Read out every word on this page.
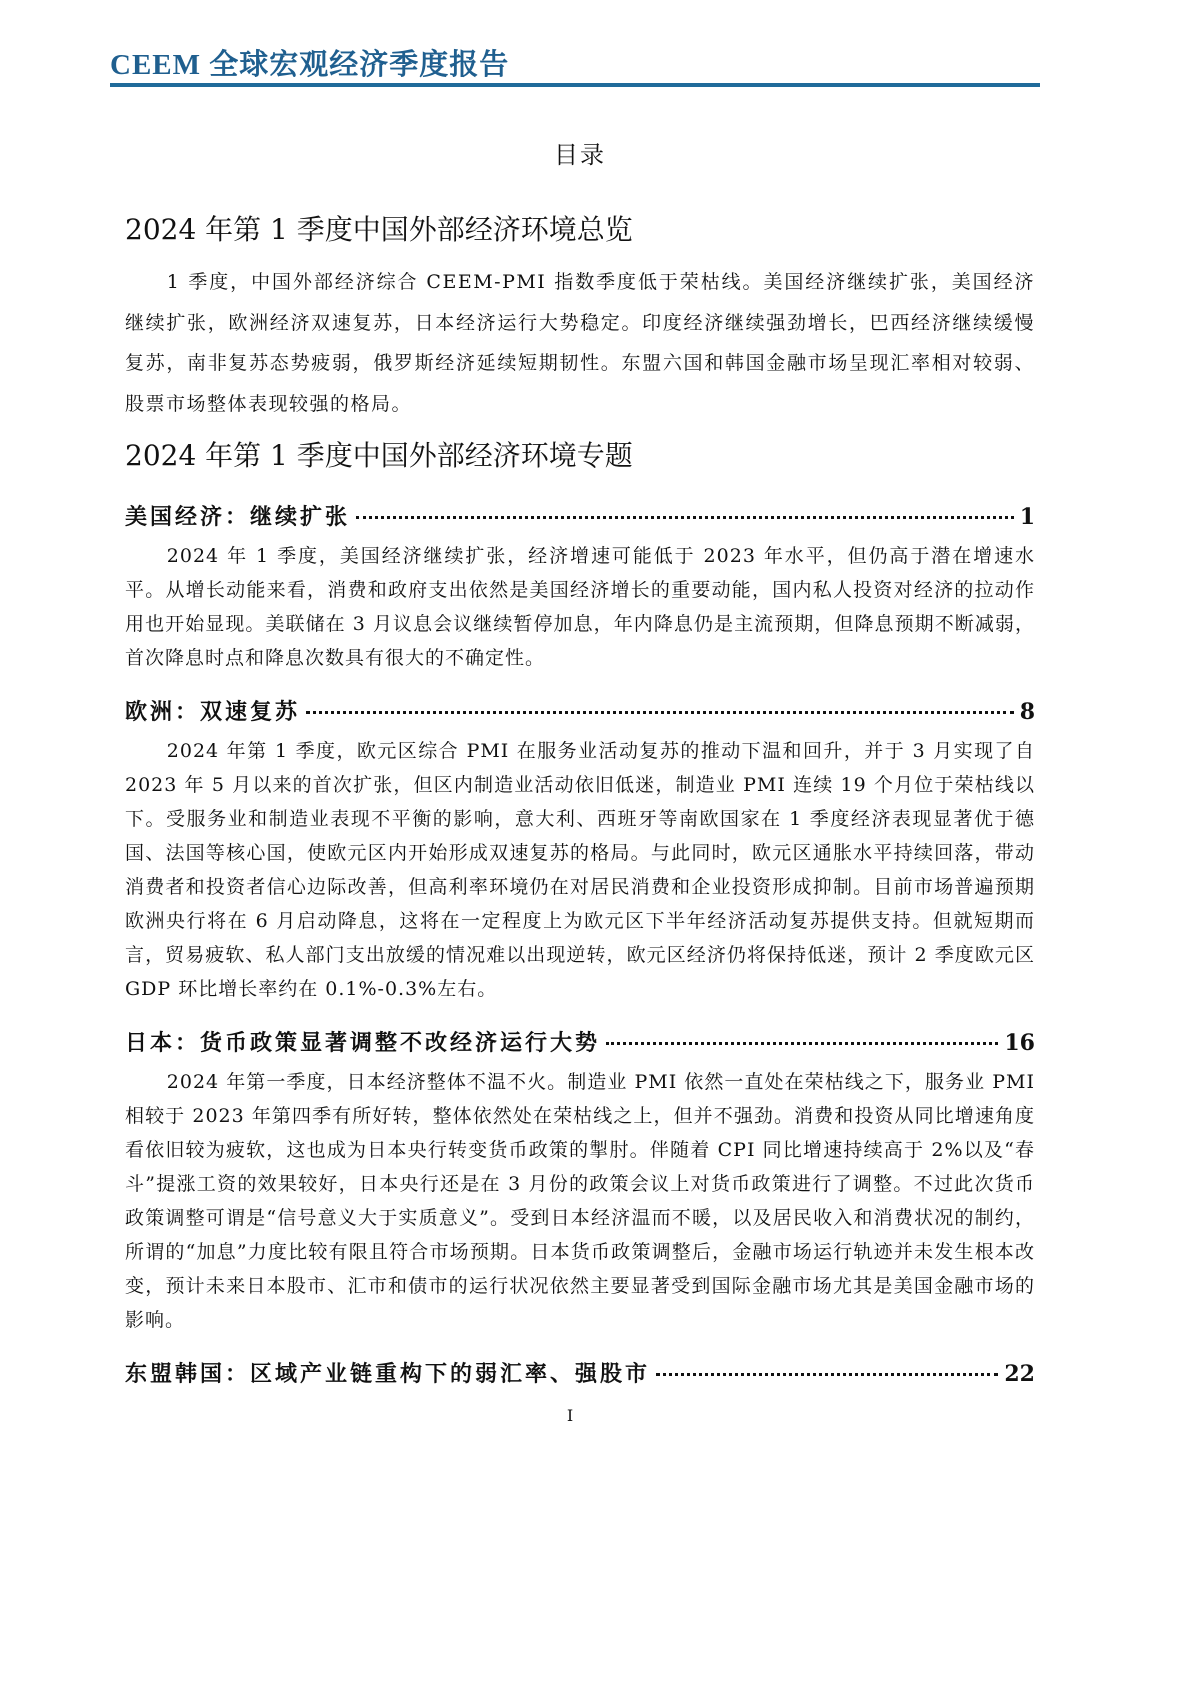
CEEM 全球宏观经济季度报告
目录
2024 年第 1 季度中国外部经济环境总览

1 季度，中国外部经济综合 CEEM-PMI 指数季度低于荣枯线。美国经济继续扩张，美国经济继续扩张，欧洲经济双速复苏，日本经济运行大势稳定。印度经济继续强劲增长，巴西经济继续缓慢复苏，南非复苏态势疲弱，俄罗斯经济延续短期韧性。东盟六国和韩国金融市场呈现汇率相对较弱、股票市场整体表现较强的格局。

2024 年第 1 季度中国外部经济环境专题
美国经济：继续扩张	1

2024 年 1 季度，美国经济继续扩张，经济增速可能低于 2023 年水平，但仍高于潜在增速水平。从增长动能来看，消费和政府支出依然是美国经济增长的重要动能，国内私人投资对经济的拉动作用也开始显现。美联储在 3 月议息会议继续暂停加息，年内降息仍是主流预期，但降息预期不断减弱，首次降息时点和降息次数具有很大的不确定性。

欧洲：双速复苏	8

2024 年第 1 季度，欧元区综合 PMI 在服务业活动复苏的推动下温和回升，并于 3 月实现了自 2023 年 5 月以来的首次扩张，但区内制造业活动依旧低迷，制造业 PMI 连续 19 个月位于荣枯线以下。受服务业和制造业表现不平衡的影响，意大利、西班牙等南欧国家在 1 季度经济表现显著优于德国、法国等核心国，使欧元区内开始形成双速复苏的格局。与此同时，欧元区通胀水平持续回落，带动消费者和投资者信心边际改善，但高利率环境仍在对居民消费和企业投资形成抑制。目前市场普遍预期欧洲央行将在 6 月启动降息，这将在一定程度上为欧元区下半年经济活动复苏提供支持。但就短期而言，贸易疲软、私人部门支出放缓的情况难以出现逆转，欧元区经济仍将保持低迷，预计 2 季度欧元区 GDP 环比增长率约在 0.1%-0.3%左右。

日本：货币政策显著调整不改经济运行大势	16

2024 年第一季度，日本经济整体不温不火。制造业 PMI 依然一直处在荣枯线之下，服务业 PMI 相较于 2023 年第四季有所好转，整体依然处在荣枯线之上，但并不强劲。消费和投资从同比增速角度看依旧较为疲软，这也成为日本央行转变货币政策的掣肘。伴随着 CPI 同比增速持续高于 2%以及“春斗”提涨工资的效果较好，日本央行还是在 3 月份的政策会议上对货币政策进行了调整。不过此次货币政策调整可谓是“信号意义大于实质意义”。受到日本经济温而不暖，以及居民收入和消费状况的制约，所谓的“加息”力度比较有限且符合市场预期。日本货币政策调整后，金融市场运行轨迹并未发生根本改变，预计未来日本股市、汇市和债市的运行状况依然主要显著受到国际金融市场尤其是美国金融市场的影响。

东盟韩国：区域产业链重构下的弱汇率、强股市	22
I
